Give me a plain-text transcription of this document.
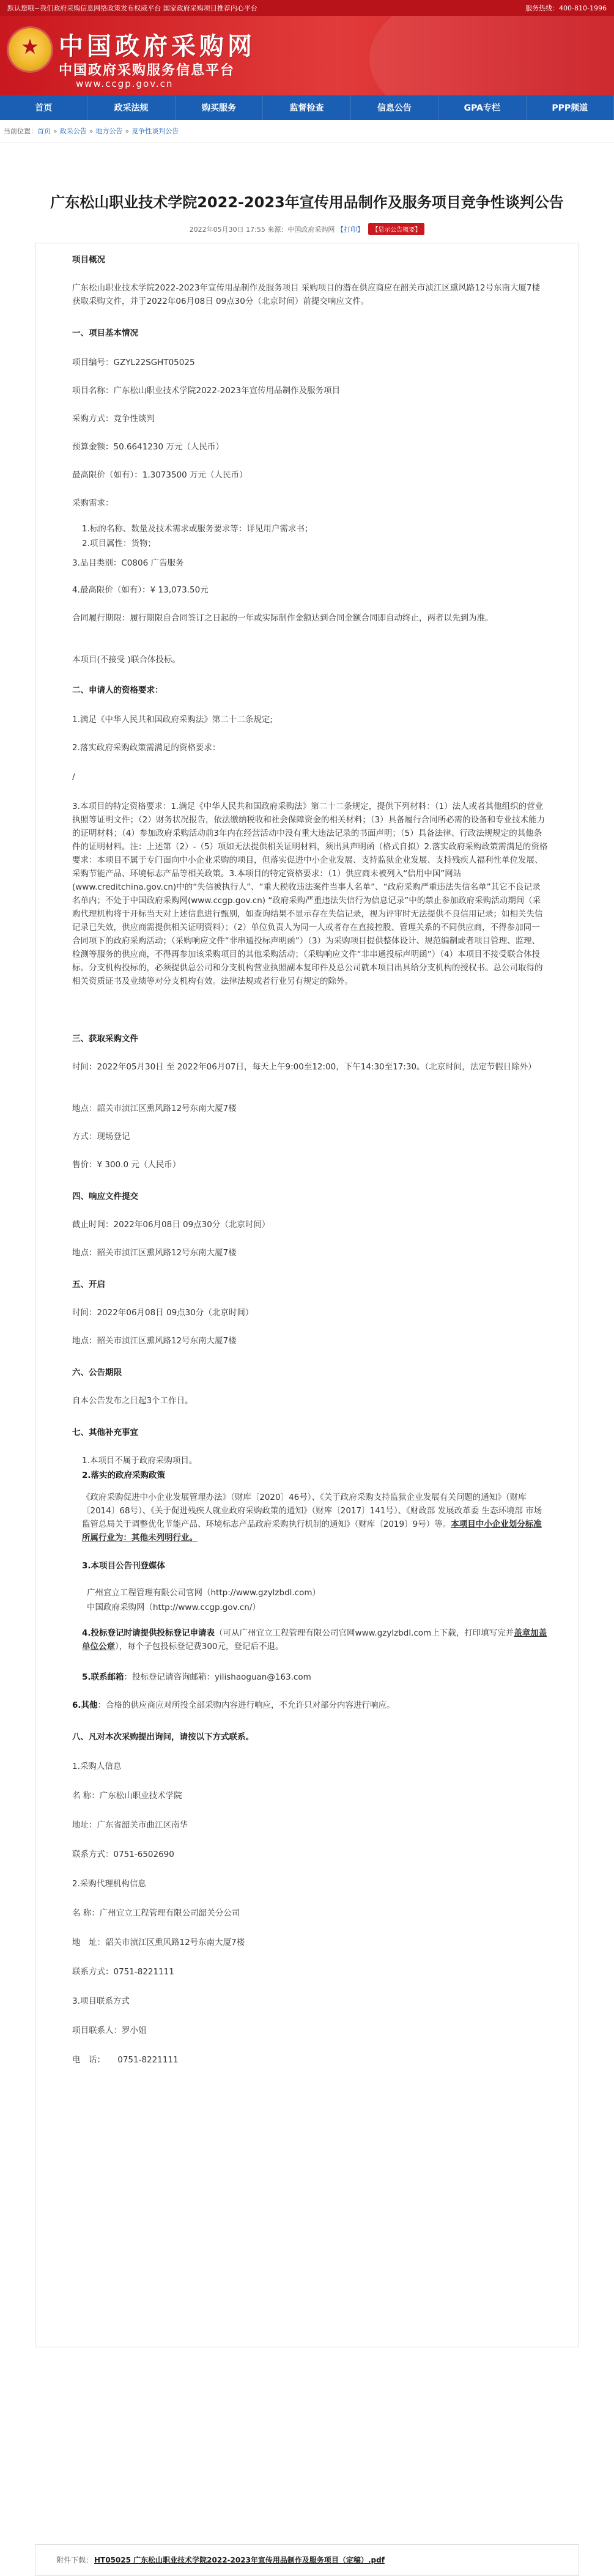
默认您哦~我们政府采购信息网络政策发布权威平台 国家政府采购项目推荐内心平台	服务热线：400-810-1996
★
中国政府采购网
中国政府采购服务信息平台
www.ccgp.gov.cn
首页	政采法规	购买服务	监督检查	信息公告	GPA专栏	PPP频道
当前位置： 首页 » 政采公告 » 地方公告 » 竞争性谈判公告
广东松山职业技术学院2022-2023年宣传用品制作及服务项目竞争性谈判公告
2022年05月30日 17:55 来源：中国政府采购网 【打印】 【显示公告概要】

项目概况

广东松山职业技术学院2022-2023年宣传用品制作及服务项目 采购项目的潜在供应商应在韶关市浈江区熏风路12号东南大厦7楼获取采购文件，并于2022年06月08日 09点30分（北京时间）前提交响应文件。

一、项目基本情况

项目编号：GZYL22SGHT05025

项目名称：广东松山职业技术学院2022-2023年宣传用品制作及服务项目

采购方式：竞争性谈判

预算金额：50.6641230 万元（人民币）

最高限价（如有）：1.3073500 万元（人民币）

采购需求：

1.标的名称、数量及技术需求或服务要求等：详见用户需求书；

2.项目属性：货物；

3.品目类别：C0806 广告服务

4.最高限价（如有）：¥ 13,073.50元

合同履行期限：履行期限自合同签订之日起的一年或实际制作金额达到合同金额合同即自动终止，两者以先到为准。

本项目(不接受 )联合体投标。

二、申请人的资格要求：

1.满足《中华人民共和国政府采购法》第二十二条规定;

2.落实政府采购政策需满足的资格要求：

/

3.本项目的特定资格要求：1.满足《中华人民共和国政府采购法》第二十二条规定，提供下列材料：（1）法人或者其他组织的营业执照等证明文件；（2）财务状况报告，依法缴纳税收和社会保障资金的相关材料；（3）具备履行合同所必需的设备和专业技术能力的证明材料；（4）参加政府采购活动前3年内在经营活动中没有重大违法记录的书面声明；（5）具备法律、行政法规规定的其他条件的证明材料。注：上述第（2）-（5）项如无法提供相关证明材料，须出具声明函（格式自拟）2.落实政府采购政策需满足的资格要求：本项目不属于专门面向中小企业采购的项目，但落实促进中小企业发展、支持监狱企业发展、支持残疾人福利性单位发展、采购节能产品、环境标志产品等相关政策。3.本项目的特定资格要求：（1）供应商未被列入“信用中国”网站(www.creditchina.gov.cn)中的“失信被执行人”、“重大税收违法案件当事人名单”、“政府采购严重违法失信名单”其它不良记录名单内；不处于中国政府采购网(www.ccgp.gov.cn) “政府采购严重违法失信行为信息记录”中的禁止参加政府采购活动期间（采购代理机构将于开标当天对上述信息进行甄别，如查询结果不显示存在失信记录，视为评审时无法提供不良信用记录；如相关失信记录已失效，供应商需提供相关证明资料）；（2）单位负责人为同一人或者存在直接控股、管理关系的不同供应商，不得参加同一合同项下的政府采购活动；（采购响应文件“非串通投标声明函”）（3）为采购项目提供整体设计、规范编制或者项目管理、监理、检测等服务的供应商，不得再参加该采购项目的其他采购活动；（采购响应文件“非串通投标声明函”）（4）本项目不接受联合体投标。分支机构投标的，必须提供总公司和分支机构营业执照副本复印件及总公司就本项目出具给分支机构的授权书。总公司取得的相关资质证书及业绩等对分支机构有效。法律法规或者行业另有规定的除外。

三、获取采购文件

时间：2022年05月30日 至 2022年06月07日，每天上午9:00至12:00，下午14:30至17:30。（北京时间，法定节假日除外）

地点：韶关市浈江区熏风路12号东南大厦7楼

方式：现场登记

售价：¥ 300.0 元（人民币）

四、响应文件提交

截止时间：2022年06月08日 09点30分（北京时间）

地点：韶关市浈江区熏风路12号东南大厦7楼

五、开启

时间：2022年06月08日 09点30分（北京时间）

地点：韶关市浈江区熏风路12号东南大厦7楼

六、公告期限

自本公告发布之日起3个工作日。

七、其他补充事宜

1.本项目不属于政府采购项目。

2.落实的政府采购政策

《政府采购促进中小企业发展管理办法》（财库〔2020〕46号）、《关于政府采购支持监狱企业发展有关问题的通知》（财库〔2014〕68号）、《关于促进残疾人就业政府采购政策的通知》（财库〔2017〕141号）、《财政部 发展改革委 生态环境部 市场监管总局关于调整优化节能产品、环境标志产品政府采购执行机制的通知》（财库〔2019〕9号）等。本项目中小企业划分标准所属行业为：其他未列明行业。

3.本项目公告刊登媒体

广州宜立工程管理有限公司官网（http://www.gzylzbdl.com）

中国政府采购网（http://www.ccgp.gov.cn/）

4.投标登记时请提供投标登记申请表（可从广州宜立工程管理有限公司官网www.gzylzbdl.com上下载，打印填写完并盖章加盖单位公章），每个子包投标登记费300元，登记后不退。

5.联系邮箱：投标登记请咨询邮箱：yilishaoguan@163.com

6.其他：合格的供应商应对所投全部采购内容进行响应，不允许只对部分内容进行响应。

八、凡对本次采购提出询问，请按以下方式联系。

1.采购人信息

名 称：广东松山职业技术学院

地址：广东省韶关市曲江区南华

联系方式：0751-6502690

2.采购代理机构信息

名 称：广州宜立工程管理有限公司韶关分公司

地　址：韶关市浈江区熏风路12号东南大厦7楼

联系方式：0751-8221111

3.项目联系方式

项目联系人：罗小姐

电　话：　　0751-8221111

附件下载： HT05025 广东松山职业技术学院2022-2023年宣传用品制作及服务项目（定稿）.pdf
